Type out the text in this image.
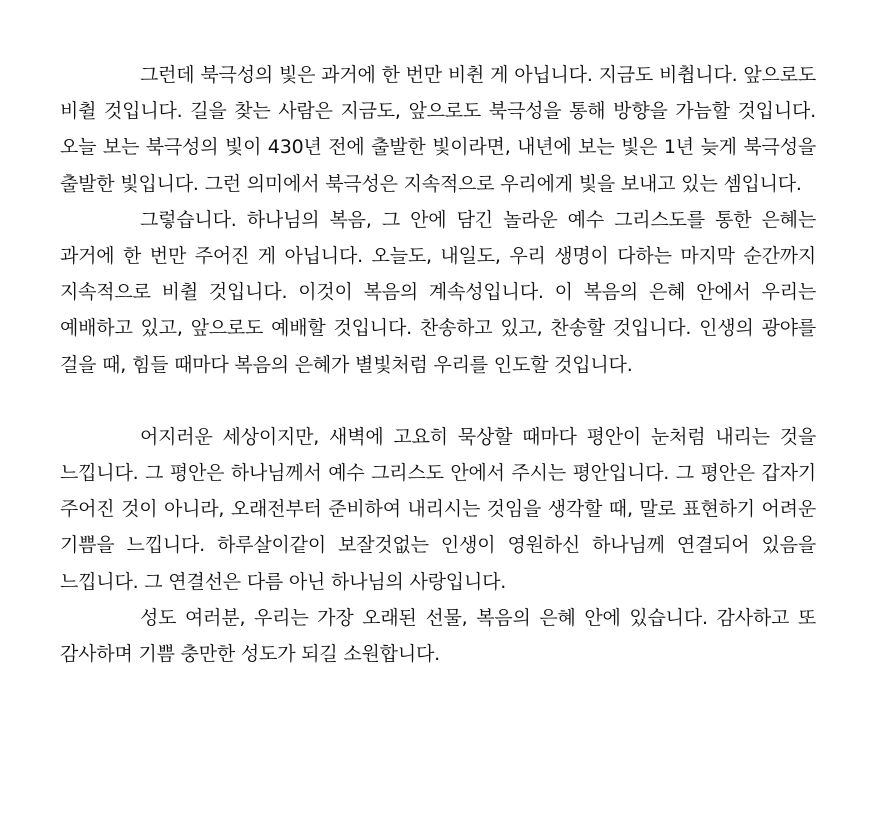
그런데 북극성의 빛은 과거에 한 번만 비췬 게 아닙니다. 지금도 비췹니다. 앞으로도 비췰 것입니다. 길을 찾는 사람은 지금도, 앞으로도 북극성을 통해 방향을 가늠할 것입니다. 오늘 보는 북극성의 빛이 430년 전에 출발한 빛이라면, 내년에 보는 빛은 1년 늦게 북극성을 출발한 빛입니다. 그런 의미에서 북극성은 지속적으로 우리에게 빛을 보내고 있는 셈입니다.

그렇습니다. 하나님의 복음, 그 안에 담긴 놀라운 예수 그리스도를 통한 은혜는 과거에 한 번만 주어진 게 아닙니다. 오늘도, 내일도, 우리 생명이 다하는 마지막 순간까지 지속적으로 비췰 것입니다. 이것이 복음의 계속성입니다. 이 복음의 은혜 안에서 우리는 예배하고 있고, 앞으로도 예배할 것입니다. 찬송하고 있고, 찬송할 것입니다. 인생의 광야를 걸을 때, 힘들 때마다 복음의 은혜가 별빛처럼 우리를 인도할 것입니다.

어지러운 세상이지만, 새벽에 고요히 묵상할 때마다 평안이 눈처럼 내리는 것을 느낍니다. 그 평안은 하나님께서 예수 그리스도 안에서 주시는 평안입니다. 그 평안은 갑자기 주어진 것이 아니라, 오래전부터 준비하여 내리시는 것임을 생각할 때, 말로 표현하기 어려운 기쁨을 느낍니다. 하루살이같이 보잘것없는 인생이 영원하신 하나님께 연결되어 있음을 느낍니다. 그 연결선은 다름 아닌 하나님의 사랑입니다.

성도 여러분, 우리는 가장 오래된 선물, 복음의 은혜 안에 있습니다. 감사하고 또 감사하며 기쁨 충만한 성도가 되길 소원합니다.
